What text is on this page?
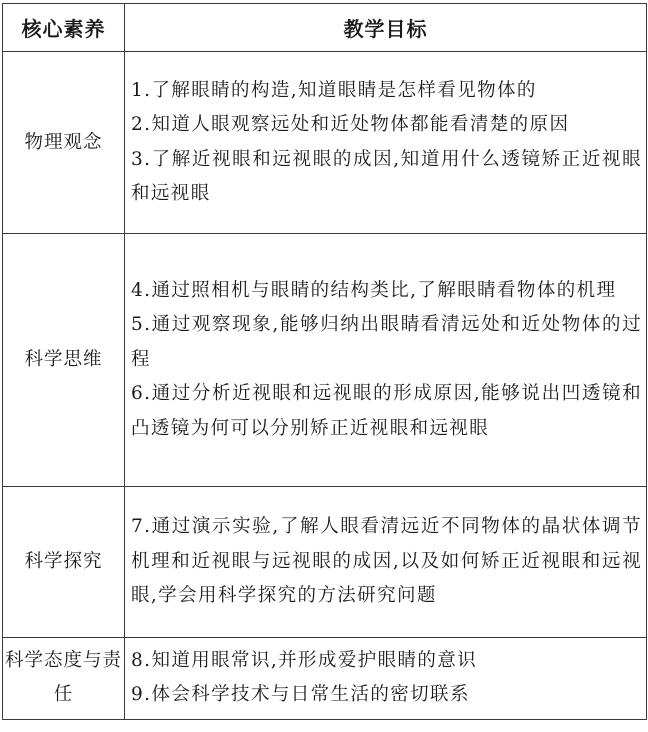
核心素养	教学目标
物理观念	1.了解眼睛的构造,知道眼睛是怎样看见物体的

2.知道人眼观察远处和近处物体都能看清楚的原因

3.了解近视眼和远视眼的成因,知道用什么透镜矫正近视眼和远视眼

科学思维	4.通过照相机与眼睛的结构类比,了解眼睛看物体的机理

5.通过观察现象,能够归纳出眼睛看清远处和近处物体的过程

6.通过分析近视眼和远视眼的形成原因,能够说出凹透镜和凸透镜为何可以分别矫正近视眼和远视眼

科学探究	7.通过演示实验,了解人眼看清远近不同物体的晶状体调节机理和近视眼与远视眼的成因,以及如何矫正近视眼和远视眼,学会用科学探究的方法研究问题

科学态度与责任	8.知道用眼常识,并形成爱护眼睛的意识

9.体会科学技术与日常生活的密切联系
